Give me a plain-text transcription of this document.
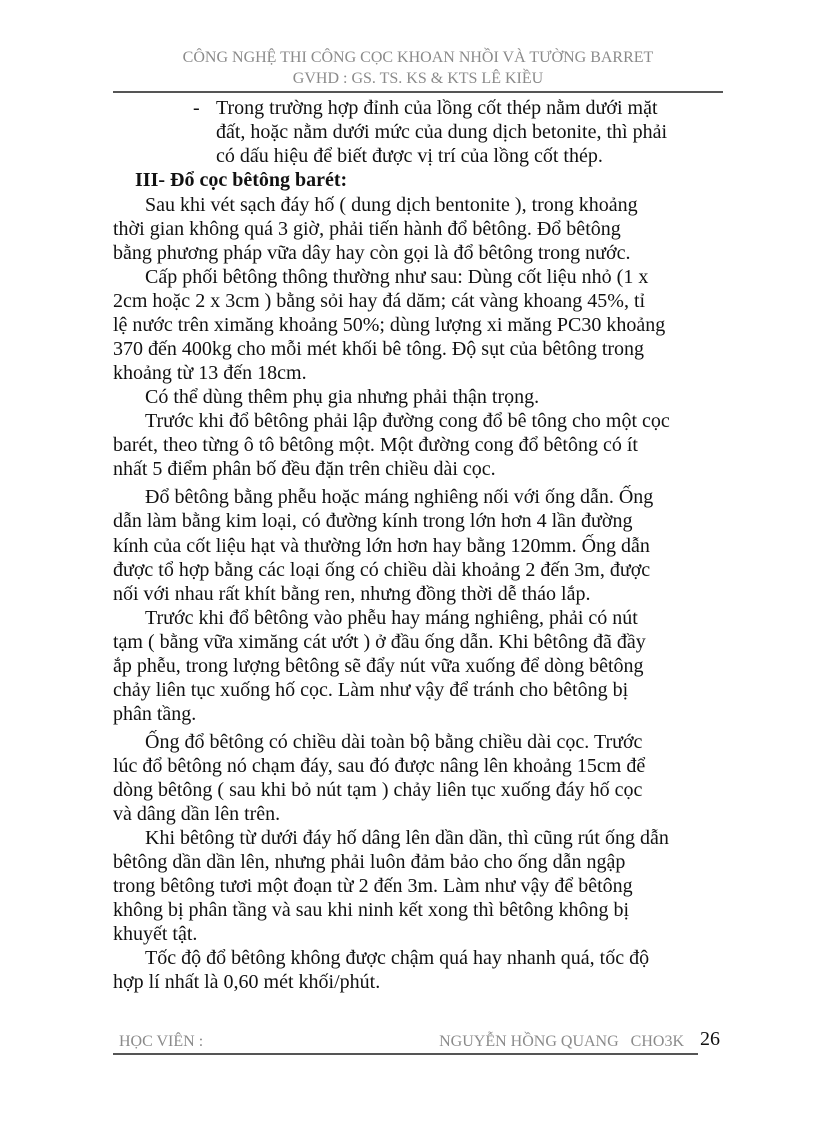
CÔNG NGHỆ THI CÔNG CỌC KHOAN NHỒI VÀ TƯỜNG BARRET
GVHD : GS. TS. KS & KTS LÊ KIỀU
- Trong trường hợp đỉnh của lồng cốt thép nằm dưới mặt
đất, hoặc nằm dưới mức của dung dịch betonite, thì phải
có dấu hiệu để biết được vị trí của lồng cốt thép.
III- Đổ cọc bêtông barét:
Sau khi vét sạch đáy hố ( dung dịch bentonite ), trong khoảng
thời gian không quá 3 giờ, phải tiến hành đổ bêtông. Đổ bêtông
bằng phương pháp vữa dây hay còn gọi là đổ bêtông trong nước.
Cấp phối bêtông thông thường như sau: Dùng cốt liệu nhỏ (1 x
2cm hoặc 2 x 3cm ) bằng sỏi hay đá dăm; cát vàng khoang 45%, tỉ
lệ nước trên ximăng khoảng 50%; dùng lượng xi măng PC30 khoảng
370 đến 400kg cho mỗi mét khối bê tông. Độ sụt của bêtông trong
khoảng từ 13 đến 18cm.
Có thể dùng thêm phụ gia nhưng phải thận trọng.
Trước khi đổ bêtông phải lập đường cong đổ bê tông cho một cọc
barét, theo từng ô tô bêtông một. Một đường cong đổ bêtông có ít
nhất 5 điểm phân bố đều đặn trên chiều dài cọc.
Đổ bêtông bằng phễu hoặc máng nghiêng nối với ống dẫn. Ống
dẫn làm bằng kim loại, có đường kính trong lớn hơn 4 lần đường
kính của cốt liệu hạt và thường lớn hơn hay bằng 120mm. Ống dẫn
được tổ hợp bằng các loại ống có chiều dài khoảng 2 đến 3m, được
nối với nhau rất khít bằng ren, nhưng đồng thời dễ tháo lắp.
Trước khi đổ bêtông vào phễu hay máng nghiêng, phải có nút
tạm ( bằng vữa ximăng cát ướt ) ở đầu ống dẫn. Khi bêtông đã đầy
ắp phễu, trong lượng bêtông sẽ đẩy nút vữa xuống để dòng bêtông
chảy liên tục xuống hố cọc. Làm như vậy để tránh cho bêtông bị
phân tầng.
Ống đổ bêtông có chiều dài toàn bộ bằng chiều dài cọc. Trước
lúc đổ bêtông nó chạm đáy, sau đó được nâng lên khoảng 15cm để
dòng bêtông ( sau khi bỏ nút tạm ) chảy liên tục xuống đáy hố cọc
và dâng dần lên trên.
Khi bêtông từ dưới đáy hố dâng lên dần dần, thì cũng rút ống dẫn
bêtông dần dần lên, nhưng phải luôn đảm bảo cho ống dẫn ngập
trong bêtông tươi một đoạn từ 2 đến 3m. Làm như vậy để bêtông
không bị phân tầng và sau khi ninh kết xong thì bêtông không bị
khuyết tật.
Tốc độ đổ bêtông không được chậm quá hay nhanh quá, tốc độ
hợp lí nhất là 0,60 mét khối/phút.
HỌC VIÊN :	NGUYỄN HỒNG QUANG   CHO3K 26
